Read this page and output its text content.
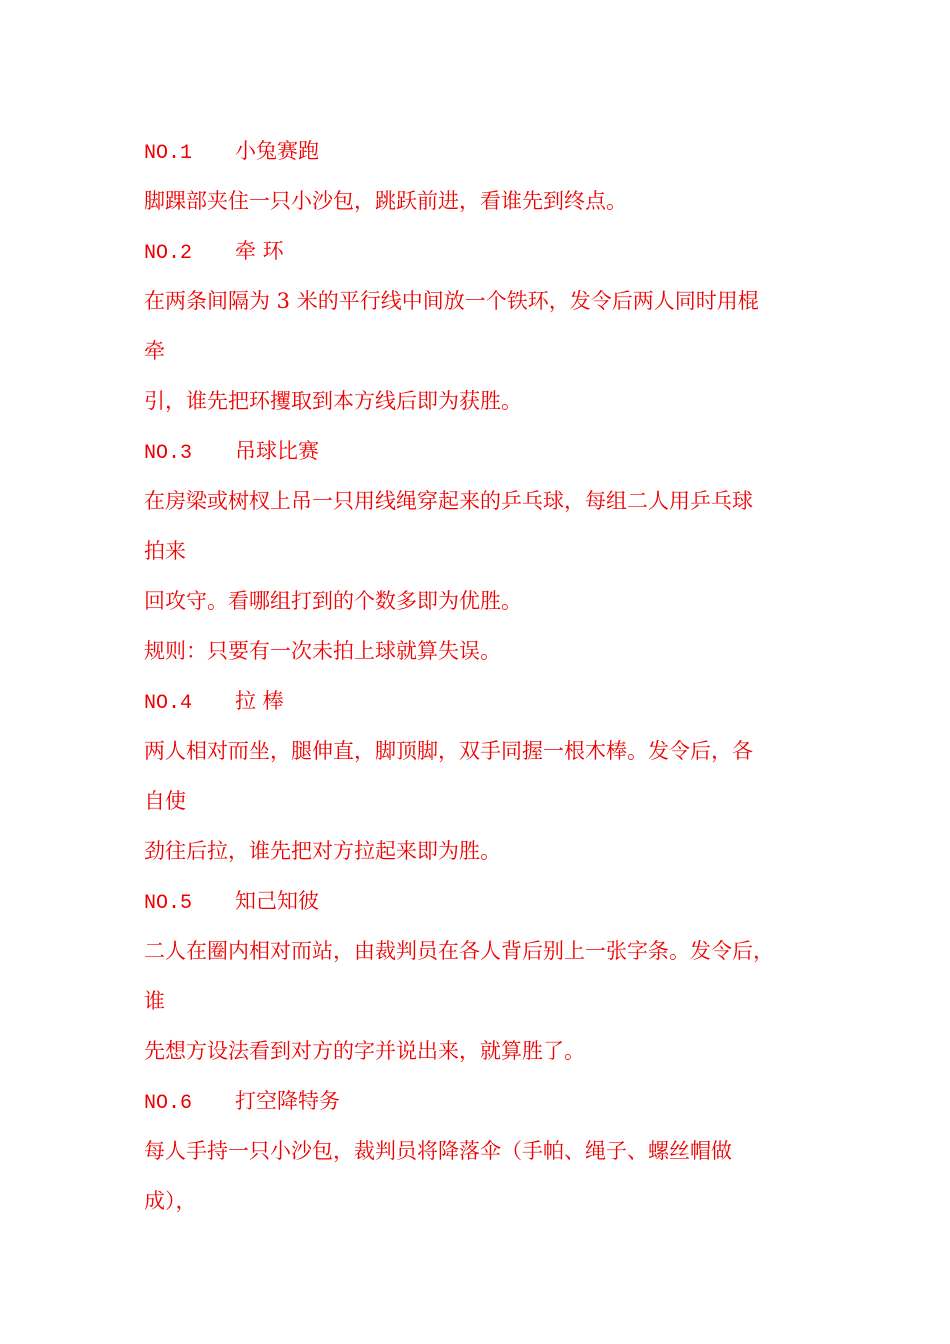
NO.1 小兔赛跑
脚踝部夹住一只小沙包，跳跃前进，看谁先到终点。
NO.2 牵 环
在两条间隔为 3 米的平行线中间放一个铁环，发令后两人同时用棍
牵
引，谁先把环攫取到本方线后即为获胜。
NO.3 吊球比赛
在房梁或树杈上吊一只用线绳穿起来的乒乓球，每组二人用乒乓球
拍来
回攻守。看哪组打到的个数多即为优胜。
规则：只要有一次未拍上球就算失误。
NO.4 拉 棒
两人相对而坐，腿伸直，脚顶脚，双手同握一根木棒。发令后，各
自使
劲往后拉，谁先把对方拉起来即为胜。
NO.5 知己知彼
二人在圈内相对而站，由裁判员在各人背后别上一张字条。发令后，
谁
先想方设法看到对方的字并说出来，就算胜了。
NO.6 打空降特务
每人手持一只小沙包，裁判员将降落伞（手帕、绳子、螺丝帽做
成），
